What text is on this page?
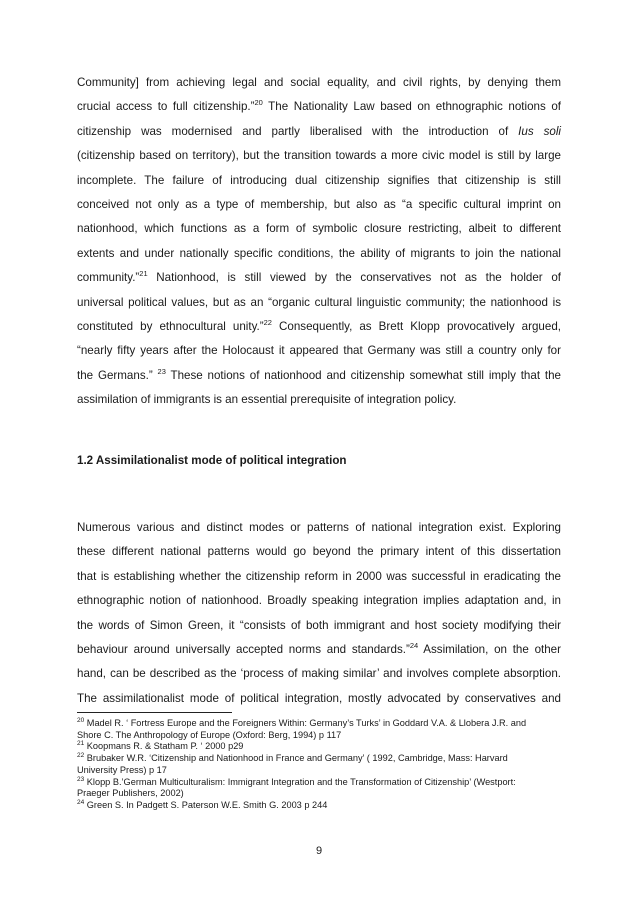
Community] from achieving legal and social equality, and civil rights, by denying them
crucial access to full citizenship.”$^{20}$ The Nationality Law based on ethnographic notions of
citizenship was modernised and partly liberalised with the introduction of Ius soli
(citizenship based on territory), but the transition towards a more civic model is still by large
incomplete. The failure of introducing dual citizenship signifies that citizenship is still
conceived not only as a type of membership, but also as “a specific cultural imprint on
nationhood, which functions as a form of symbolic closure restricting, albeit to different
extents and under nationally specific conditions, the ability of migrants to join the national
community.”$^{21}$ Nationhood, is still viewed by the conservatives not as the holder of
universal political values, but as an “organic cultural linguistic community; the nationhood is
constituted by ethnocultural unity.”$^{22}$ Consequently, as Brett Klopp provocatively argued,
“nearly fifty years after the Holocaust it appeared that Germany was still a country only for
the Germans.” $^{23}$ These notions of nationhood and citizenship somewhat still imply that the
assimilation of immigrants is an essential prerequisite of integration policy.
1.2 Assimilationalist mode of political integration
Numerous various and distinct modes or patterns of national integration exist. Exploring
these different national patterns would go beyond the primary intent of this dissertation
that is establishing whether the citizenship reform in 2000 was successful in eradicating the
ethnographic notion of nationhood. Broadly speaking integration implies adaptation and, in
the words of Simon Green, it “consists of both immigrant and host society modifying their
behaviour around universally accepted norms and standards.”$^{24}$ Assimilation, on the other
hand, can be described as the ‘process of making similar’ and involves complete absorption.
The assimilationalist mode of political integration, mostly advocated by conservatives and
$^{20}$ Madel R. ‘ Fortress Europe and the Foreigners Within: Germany’s Turks’ in Goddard V.A. & Llobera J.R. and
Shore C. The Anthropology of Europe (Oxford: Berg, 1994) p 117
$^{21}$ Koopmans R. & Statham P. ‘ 2000 p29
$^{22}$ Brubaker W.R. ‘Citizenship and Nationhood in France and Germany’ ( 1992, Cambridge, Mass: Harvard
University Press) p 17
$^{23}$ Klopp B.’German Multiculturalism: Immigrant Integration and the Transformation of Citizenship’ (Westport:
Praeger Publishers, 2002)
$^{24}$ Green S. In Padgett S. Paterson W.E. Smith G. 2003 p 244
9
